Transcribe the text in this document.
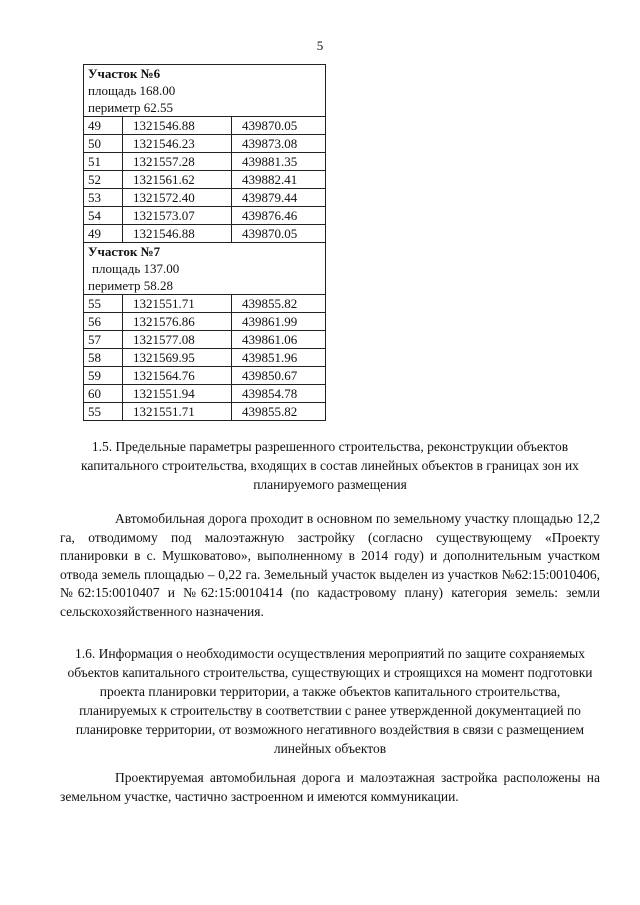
5
Участок №6
площадь 168.00
периметр 62.55		

49	1321546.88	439870.05
50	1321546.23	439873.08
51	1321557.28	439881.35
52	1321561.62	439882.41
53	1321572.40	439879.44
54	1321573.07	439876.46
49	1321546.88	439870.05

Участок №7
площадь 137.00
периметр 58.28		

55	1321551.71	439855.82
56	1321576.86	439861.99
57	1321577.08	439861.06
58	1321569.95	439851.96
59	1321564.76	439850.67
60	1321551.94	439854.78
55	1321551.71	439855.82
1.5. Предельные параметры разрешенного строительства, реконструкции объектов капитального строительства, входящих в состав линейных объектов в границах зон их планируемого размещения
Автомобильная дорога проходит в основном по земельному участку площадью 12,2 га, отводимому под малоэтажную застройку (согласно существующему «Проекту планировки в с. Мушковатово», выполненному в 2014 году) и дополнительным участком отвода земель площадью – 0,22 га. Земельный участок выделен из участков №62:15:0010406, №62:15:0010407 и №62:15:0010414 (по кадастровому плану) категория земель: земли сельскохозяйственного назначения.
1.6. Информация о необходимости осуществления мероприятий по защите сохраняемых объектов капитального строительства, существующих и строящихся на момент подготовки проекта планировки территории, а также объектов капитального строительства, планируемых к строительству в соответствии с ранее утвержденной документацией по планировке территории, от возможного негативного воздействия в связи с размещением линейных объектов
Проектируемая автомобильная дорога и малоэтажная застройка расположены на земельном участке, частично застроенном и имеются коммуникации.
